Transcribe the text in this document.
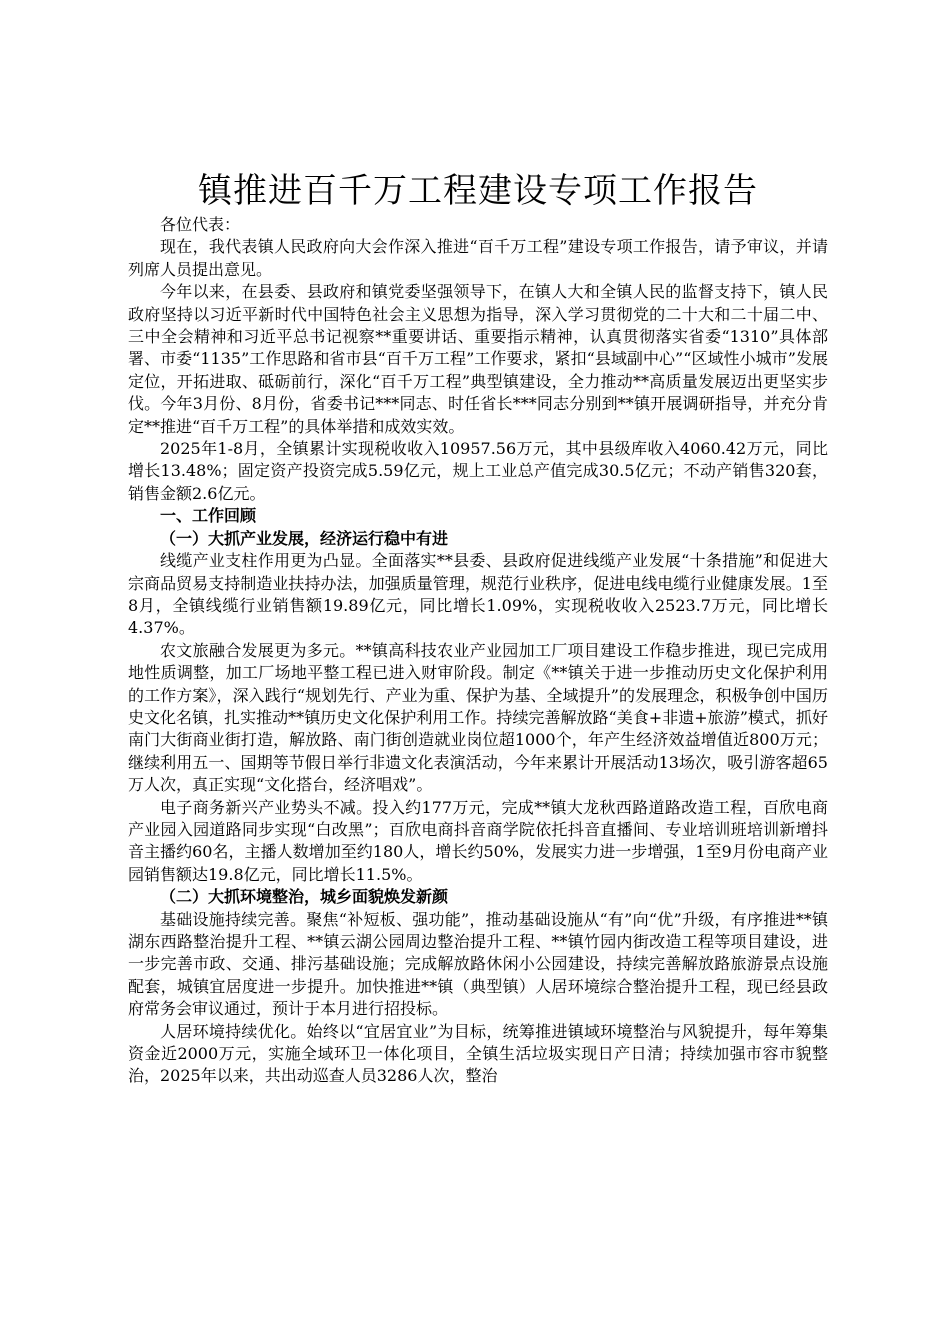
镇推进百千万工程建设专项工作报告

各位代表：

现在，我代表镇人民政府向大会作深入推进“百千万工程”建设专项工作报告，请予审议，并请列席人员提出意见。

今年以来，在县委、县政府和镇党委坚强领导下，在镇人大和全镇人民的监督支持下，镇人民政府坚持以习近平新时代中国特色社会主义思想为指导，深入学习贯彻党的二十大和二十届二中、三中全会精神和习近平总书记视察**重要讲话、重要指示精神，认真贯彻落实省委“1310”具体部署、市委“1135”工作思路和省市县“百千万工程”工作要求，紧扣“县域副中心”“区域性小城市”发展定位，开拓进取、砥砺前行，深化“百千万工程”典型镇建设，全力推动**高质量发展迈出更坚实步伐。今年3月份、8月份，省委书记***同志、时任省长***同志分别到**镇开展调研指导，并充分肯定**推进“百千万工程”的具体举措和成效实效。

2025年1-8月，全镇累计实现税收收入10957.56万元，其中县级库收入4060.42万元，同比增长13.48%；固定资产投资完成5.59亿元，规上工业总产值完成30.5亿元；不动产销售320套，销售金额2.6亿元。

一、工作回顾

（一）大抓产业发展，经济运行稳中有进

线缆产业支柱作用更为凸显。全面落实**县委、县政府促进线缆产业发展“十条措施”和促进大宗商品贸易支持制造业扶持办法，加强质量管理，规范行业秩序，促进电线电缆行业健康发展。1至8月，全镇线缆行业销售额19.89亿元，同比增长1.09%，实现税收收入2523.7万元，同比增长4.37%。

农文旅融合发展更为多元。**镇高科技农业产业园加工厂项目建设工作稳步推进，现已完成用地性质调整，加工厂场地平整工程已进入财审阶段。制定《**镇关于进一步推动历史文化保护利用的工作方案》，深入践行“规划先行、产业为重、保护为基、全域提升”的发展理念，积极争创中国历史文化名镇，扎实推动**镇历史文化保护利用工作。持续完善解放路“美食+非遗+旅游”模式，抓好南门大街商业街打造，解放路、南门街创造就业岗位超1000个，年产生经济效益增值近800万元；继续利用五一、国期等节假日举行非遗文化表演活动，今年来累计开展活动13场次，吸引游客超65万人次，真正实现“文化搭台，经济唱戏”。

电子商务新兴产业势头不减。投入约177万元，完成**镇大龙秋西路道路改造工程，百欣电商产业园入园道路同步实现“白改黑”；百欣电商抖音商学院依托抖音直播间、专业培训班培训新增抖音主播约60名，主播人数增加至约180人，增长约50%，发展实力进一步增强，1至9月份电商产业园销售额达19.8亿元，同比增长11.5%。

（二）大抓环境整治，城乡面貌焕发新颜

基础设施持续完善。聚焦“补短板、强功能”，推动基础设施从“有”向“优”升级，有序推进**镇湖东西路整治提升工程、**镇云湖公园周边整治提升工程、**镇竹园内街改造工程等项目建设，进一步完善市政、交通、排污基础设施；完成解放路休闲小公园建设，持续完善解放路旅游景点设施配套，城镇宜居度进一步提升。加快推进**镇（典型镇）人居环境综合整治提升工程，现已经县政府常务会审议通过，预计于本月进行招投标。

人居环境持续优化。始终以“宜居宜业”为目标，统筹推进镇域环境整治与风貌提升，每年筹集资金近2000万元，实施全域环卫一体化项目，全镇生活垃圾实现日产日清；持续加强市容市貌整治，2025年以来，共出动巡查人员3286人次，整治
